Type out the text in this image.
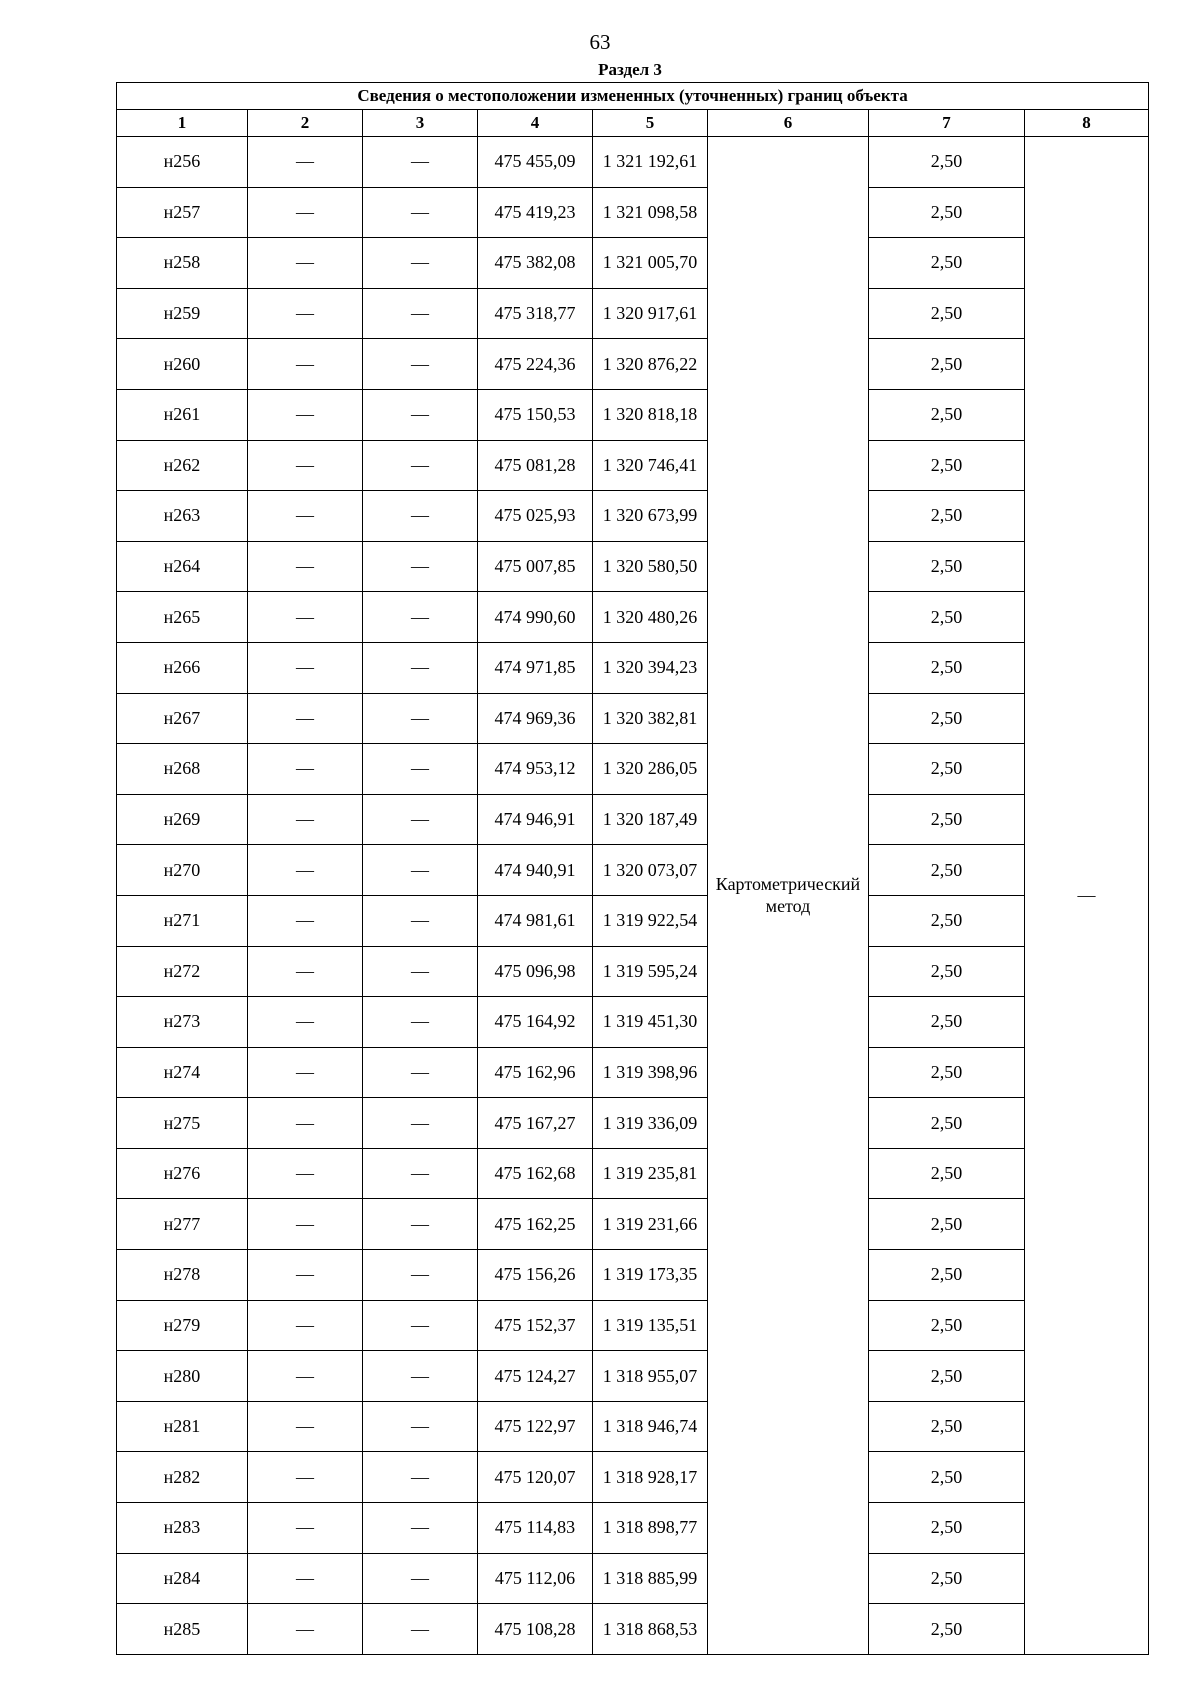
63
Раздел 3
Сведения о местоположении измененных (уточненных) границ объекта							
1	2	3	4	5	6	7	8
н256	—	—	475 455,09	1 321 192,61	Картометрический метод	2,50	—
н257	—	—	475 419,23	1 321 098,58		2,50	
н258	—	—	475 382,08	1 321 005,70		2,50	
н259	—	—	475 318,77	1 320 917,61		2,50	
н260	—	—	475 224,36	1 320 876,22		2,50	
н261	—	—	475 150,53	1 320 818,18		2,50	
н262	—	—	475 081,28	1 320 746,41		2,50	
н263	—	—	475 025,93	1 320 673,99		2,50	
н264	—	—	475 007,85	1 320 580,50		2,50	
н265	—	—	474 990,60	1 320 480,26		2,50	
н266	—	—	474 971,85	1 320 394,23		2,50	
н267	—	—	474 969,36	1 320 382,81		2,50	
н268	—	—	474 953,12	1 320 286,05		2,50	
н269	—	—	474 946,91	1 320 187,49		2,50	
н270	—	—	474 940,91	1 320 073,07		2,50	
н271	—	—	474 981,61	1 319 922,54		2,50	
н272	—	—	475 096,98	1 319 595,24		2,50	
н273	—	—	475 164,92	1 319 451,30		2,50	
н274	—	—	475 162,96	1 319 398,96		2,50	
н275	—	—	475 167,27	1 319 336,09		2,50	
н276	—	—	475 162,68	1 319 235,81		2,50	
н277	—	—	475 162,25	1 319 231,66		2,50	
н278	—	—	475 156,26	1 319 173,35		2,50	
н279	—	—	475 152,37	1 319 135,51		2,50	
н280	—	—	475 124,27	1 318 955,07		2,50	
н281	—	—	475 122,97	1 318 946,74		2,50	
н282	—	—	475 120,07	1 318 928,17		2,50	
н283	—	—	475 114,83	1 318 898,77		2,50	
н284	—	—	475 112,06	1 318 885,99		2,50	
н285	—	—	475 108,28	1 318 868,53		2,50	
